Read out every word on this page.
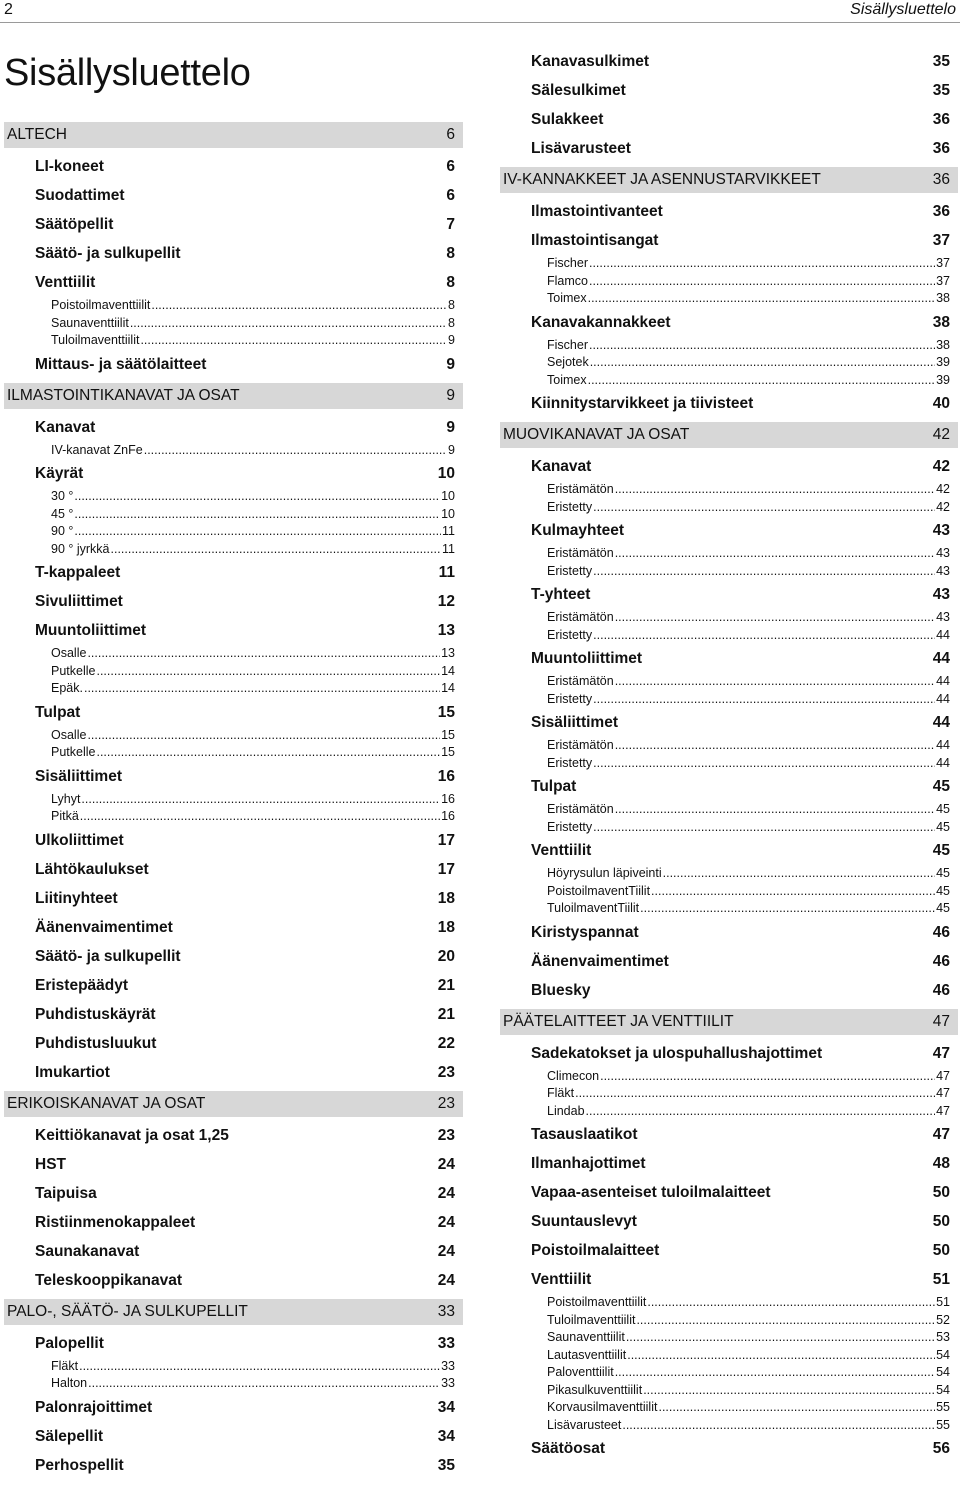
2	Sisällysluettelo
Sisällysluettelo
ALTECH	6
LI-koneet	6
Suodattimet	6
Säätöpellit	7
Säätö- ja sulkupellit	8
Venttiilit	8
Poistoilmaventtiilit .....	8
Saunaventtiilit .....	8
Tuloilmaventtiilit .....	9
Mittaus- ja säätölaitteet	9
ILMASTOINTIKANAVAT JA OSAT	9
Kanavat	9
IV-kanavat ZnFe .....	9
Käyrät	10
30 ° .....	10
45 ° .....	10
90 ° .....	11
90 ° jyrkkä .....	11
T-kappaleet	11
Sivuliittimet	12
Muuntoliittimet	13
Osalle .....	13
Putkelle .....	14
Epäk. .....	14
Tulpat	15
Osalle .....	15
Putkelle .....	15
Sisäliittimet	16
Lyhyt .....	16
Pitkä .....	16
Ulkoliittimet	17
Lähtökaulukset	17
Liitinyhteet	18
Äänenvaimentimet	18
Säätö- ja sulkupellit	20
Eristepäädyt	21
Puhdistuskäyrät	21
Puhdistusluukut	22
Imukartiot	23
ERIKOISKANAVAT JA OSAT	23
Keittiökanavat ja osat 1,25	23
HST	24
Taipuisa	24
Ristiinmenokappaleet	24
Saunakanavat	24
Teleskooppikanavat	24
PALO-, SÄÄTÖ- JA SULKUPELLIT	33
Palopellit	33
Fläkt .....	33
Halton .....	33
Palonrajoittimet	34
Sälepellit	34
Perhospellit	35
Kanavasulkimet	35
Sälesulkimet	35
Sulakkeet	36
Lisävarusteet	36
IV-KANNAKKEET JA ASENNUSTARVIKKEET	36
Ilmastointivanteet	36
Ilmastointisangat	37
Fischer .....	37
Flamco .....	37
Toimex .....	38
Kanavakannakkeet	38
Fischer .....	38
Sejotek .....	39
Toimex .....	39
Kiinnitystarvikkeet ja tiivisteet	40
MUOVIKANAVAT JA OSAT	42
Kanavat	42
Eristämätön .....	42
Eristetty .....	42
Kulmayhteet	43
Eristämätön .....	43
Eristetty .....	43
T-yhteet	43
Eristämätön .....	43
Eristetty .....	44
Muuntoliittimet	44
Eristämätön .....	44
Eristetty .....	44
Sisäliittimet	44
Eristämätön .....	44
Eristetty .....	44
Tulpat	45
Eristämätön .....	45
Eristetty .....	45
Venttiilit	45
Höyrysulun läpiveinti .....	45
PoistoilmaventTiilit .....	45
TuloilmaventTiilit .....	45
Kiristyspannat	46
Äänenvaimentimet	46
Bluesky	46
PÄÄTELAITTEET JA VENTTIILIT	47
Sadekatokset ja ulospuhallushajottimet	47
Climecon .....	47
Fläkt .....	47
Lindab .....	47
Tasauslaatikot	47
Ilmanhajottimet	48
Vapaa-asenteiset tuloilmalaitteet	50
Suuntauslevyt	50
Poistoilmalaitteet	50
Venttiilit	51
Poistoilmaventtiilit .....	51
Tuloilmaventtiilit .....	52
Saunaventtiilit .....	53
Lautasventtiilit .....	54
Paloventtiilit .....	54
Pikasulkuventtiilit .....	54
Korvausilmaventtiilit .....	55
Lisävarusteet .....	55
Säätöosat	56
